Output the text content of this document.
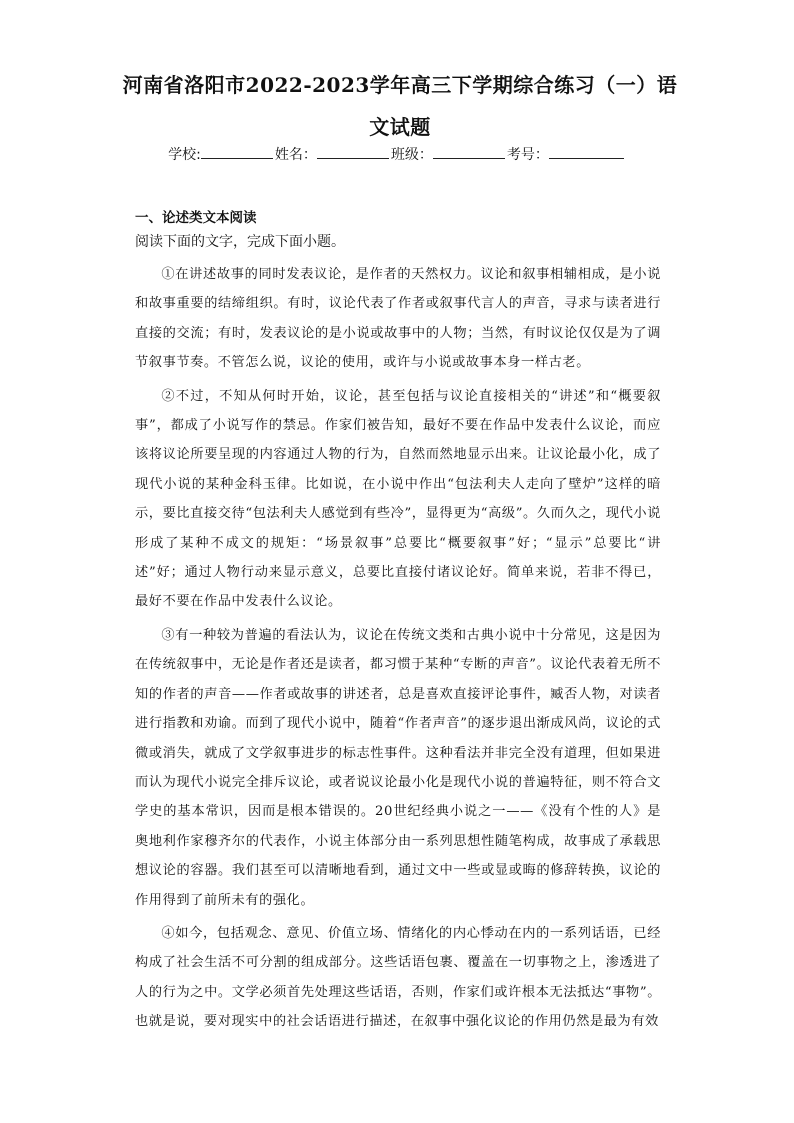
河南省洛阳市2022-2023学年高三下学期综合练习（一）语文试题
学校:	姓名：	班级：	考号：
一、论述类文本阅读
阅读下面的文字，完成下面小题。

①在讲述故事的同时发表议论，是作者的天然权力。议论和叙事相辅相成，是小说和故事重要的结缔组织。有时，议论代表了作者或叙事代言人的声音，寻求与读者进行直接的交流；有时，发表议论的是小说或故事中的人物；当然，有时议论仅仅是为了调节叙事节奏。不管怎么说，议论的使用，或许与小说或故事本身一样古老。

②不过，不知从何时开始，议论，甚至包括与议论直接相关的“讲述”和“概要叙事”，都成了小说写作的禁忌。作家们被告知，最好不要在作品中发表什么议论，而应该将议论所要呈现的内容通过人物的行为，自然而然地显示出来。让议论最小化，成了现代小说的某种金科玉律。比如说，在小说中作出“包法利夫人走向了壁炉”这样的暗示，要比直接交待“包法利夫人感觉到有些冷”，显得更为“高级”。久而久之，现代小说形成了某种不成文的规矩：“场景叙事”总要比“概要叙事”好；“显示”总要比“讲述”好；通过人物行动来显示意义，总要比直接付诸议论好。简单来说，若非不得已，最好不要在作品中发表什么议论。

③有一种较为普遍的看法认为，议论在传统文类和古典小说中十分常见，这是因为在传统叙事中，无论是作者还是读者，都习惯于某种“专断的声音”。议论代表着无所不知的作者的声音——作者或故事的讲述者，总是喜欢直接评论事件，臧否人物，对读者进行指教和劝谕。而到了现代小说中，随着“作者声音”的逐步退出渐成风尚，议论的式微或消失，就成了文学叙事进步的标志性事件。这种看法并非完全没有道理，但如果进而认为现代小说完全排斥议论，或者说议论最小化是现代小说的普遍特征，则不符合文学史的基本常识，因而是根本错误的。20世纪经典小说之一——《没有个性的人》是奥地利作家穆齐尔的代表作，小说主体部分由一系列思想性随笔构成，故事成了承载思想议论的容器。我们甚至可以清晰地看到，通过文中一些或显或晦的修辞转换，议论的作用得到了前所未有的强化。

④如今，包括观念、意见、价值立场、情绪化的内心悸动在内的一系列话语，已经构成了社会生活不可分割的组成部分。这些话语包裹、覆盖在一切事物之上，渗透进了人的行为之中。文学必须首先处理这些话语，否则，作家们或许根本无法抵达“事物”。也就是说，要对现实中的社会话语进行描述，在叙事中强化议论的作用仍然是最为有效
